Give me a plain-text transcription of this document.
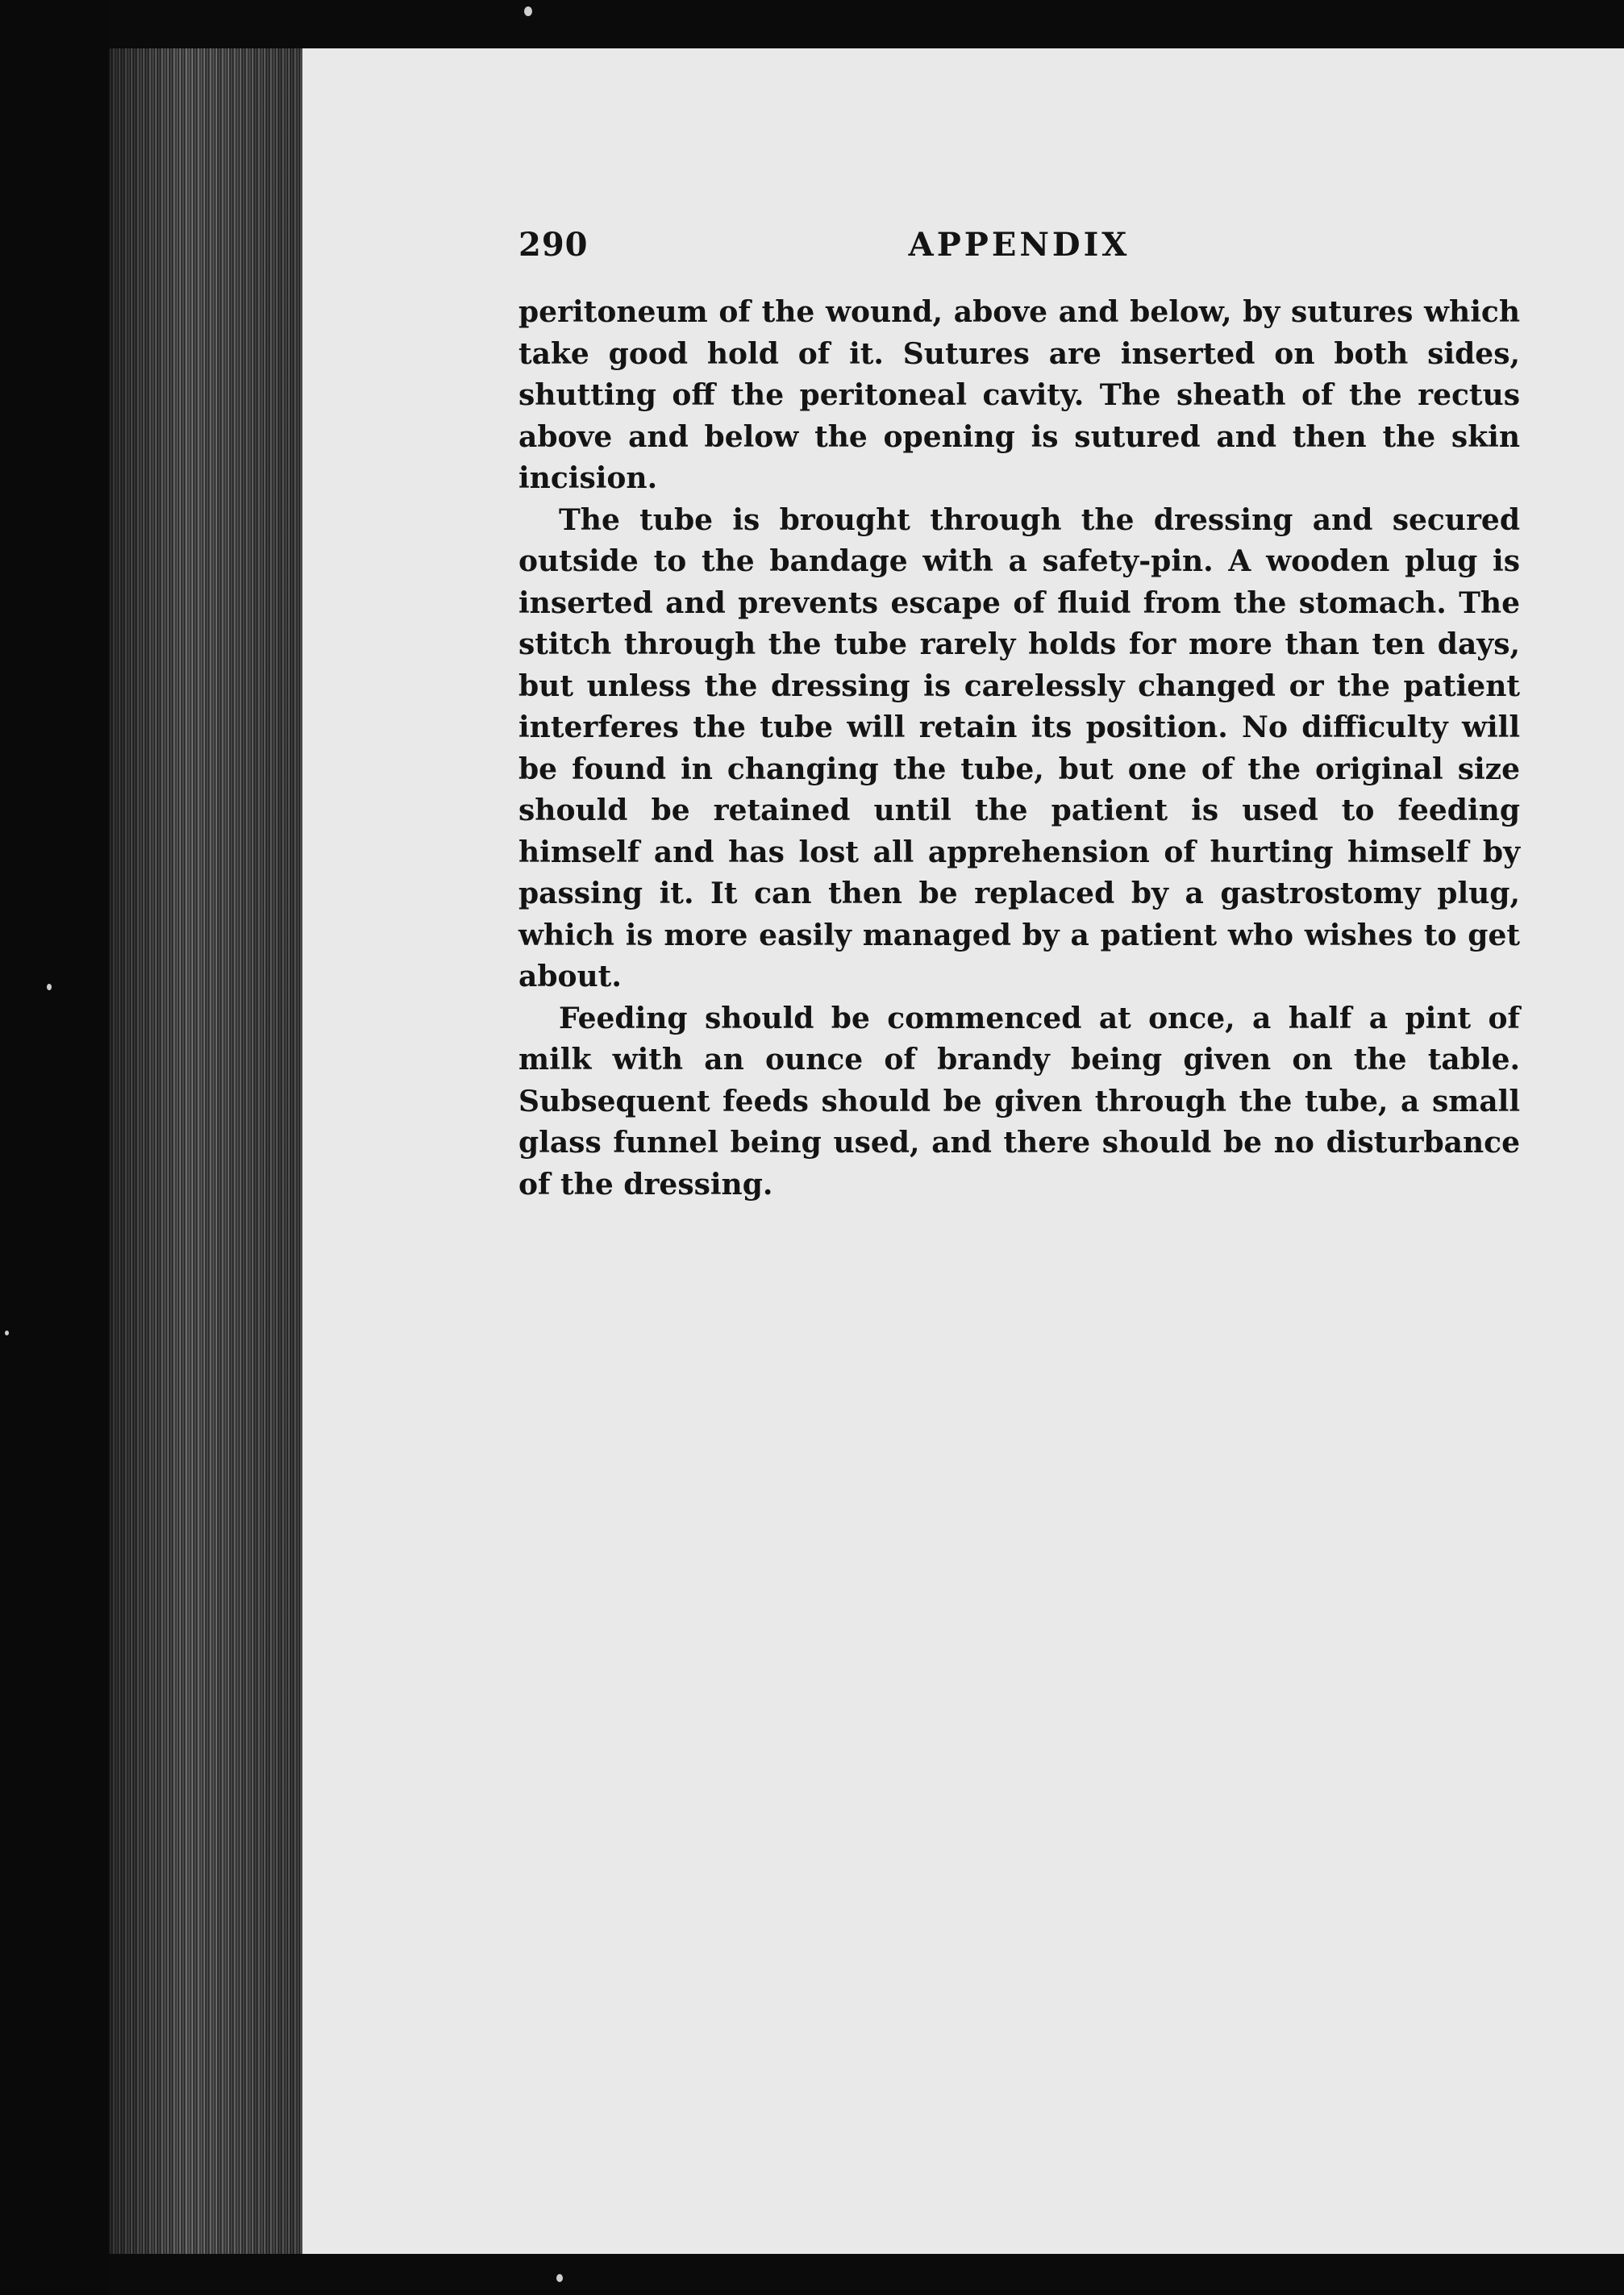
290	APPENDIX

peritoneum of the wound, above and below, by sutures which take good hold of it. Sutures are inserted on both sides, shutting off the peritoneal cavity. The sheath of the rectus above and below the opening is sutured and then the skin incision.

The tube is brought through the dressing and secured outside to the bandage with a safety-pin. A wooden plug is inserted and prevents escape of fluid from the stomach. The stitch through the tube rarely holds for more than ten days, but unless the dressing is carelessly changed or the patient interferes the tube will retain its position. No difficulty will be found in changing the tube, but one of the original size should be retained until the patient is used to feeding himself and has lost all apprehension of hurting himself by passing it. It can then be replaced by a gastrostomy plug, which is more easily managed by a patient who wishes to get about.

Feeding should be commenced at once, a half a pint of milk with an ounce of brandy being given on the table. Subsequent feeds should be given through the tube, a small glass funnel being used, and there should be no disturbance of the dressing.
